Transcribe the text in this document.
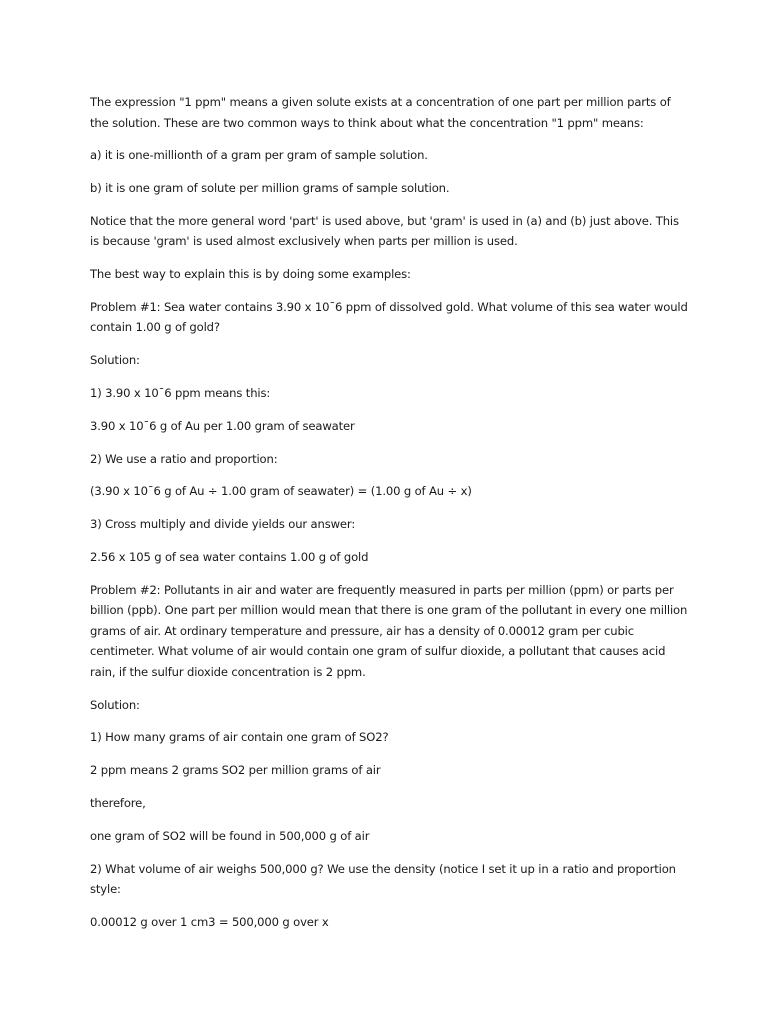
The expression "1 ppm" means a given solute exists at a concentration of one part per million parts of the solution. These are two common ways to think about what the concentration "1 ppm" means:

a) it is one-millionth of a gram per gram of sample solution.

b) it is one gram of solute per million grams of sample solution.

Notice that the more general word 'part' is used above, but 'gram' is used in (a) and (b) just above. This is because 'gram' is used almost exclusively when parts per million is used.

The best way to explain this is by doing some examples:

Problem #1: Sea water contains 3.90 x 10¯6 ppm of dissolved gold. What volume of this sea water would contain 1.00 g of gold?

Solution:

1) 3.90 x 10¯6 ppm means this:

3.90 x 10¯6 g of Au per 1.00 gram of seawater

2) We use a ratio and proportion:

(3.90 x 10¯6 g of Au ÷ 1.00 gram of seawater) = (1.00 g of Au ÷ x)

3) Cross multiply and divide yields our answer:

2.56 x 105 g of sea water contains 1.00 g of gold

Problem #2: Pollutants in air and water are frequently measured in parts per million (ppm) or parts per billion (ppb). One part per million would mean that there is one gram of the pollutant in every one million grams of air. At ordinary temperature and pressure, air has a density of 0.00012 gram per cubic centimeter. What volume of air would contain one gram of sulfur dioxide, a pollutant that causes acid rain, if the sulfur dioxide concentration is 2 ppm.

Solution:

1) How many grams of air contain one gram of SO2?

2 ppm means 2 grams SO2 per million grams of air

therefore,

one gram of SO2 will be found in 500,000 g of air

2) What volume of air weighs 500,000 g? We use the density (notice I set it up in a ratio and proportion style:

0.00012 g over 1 cm3 = 500,000 g over x
